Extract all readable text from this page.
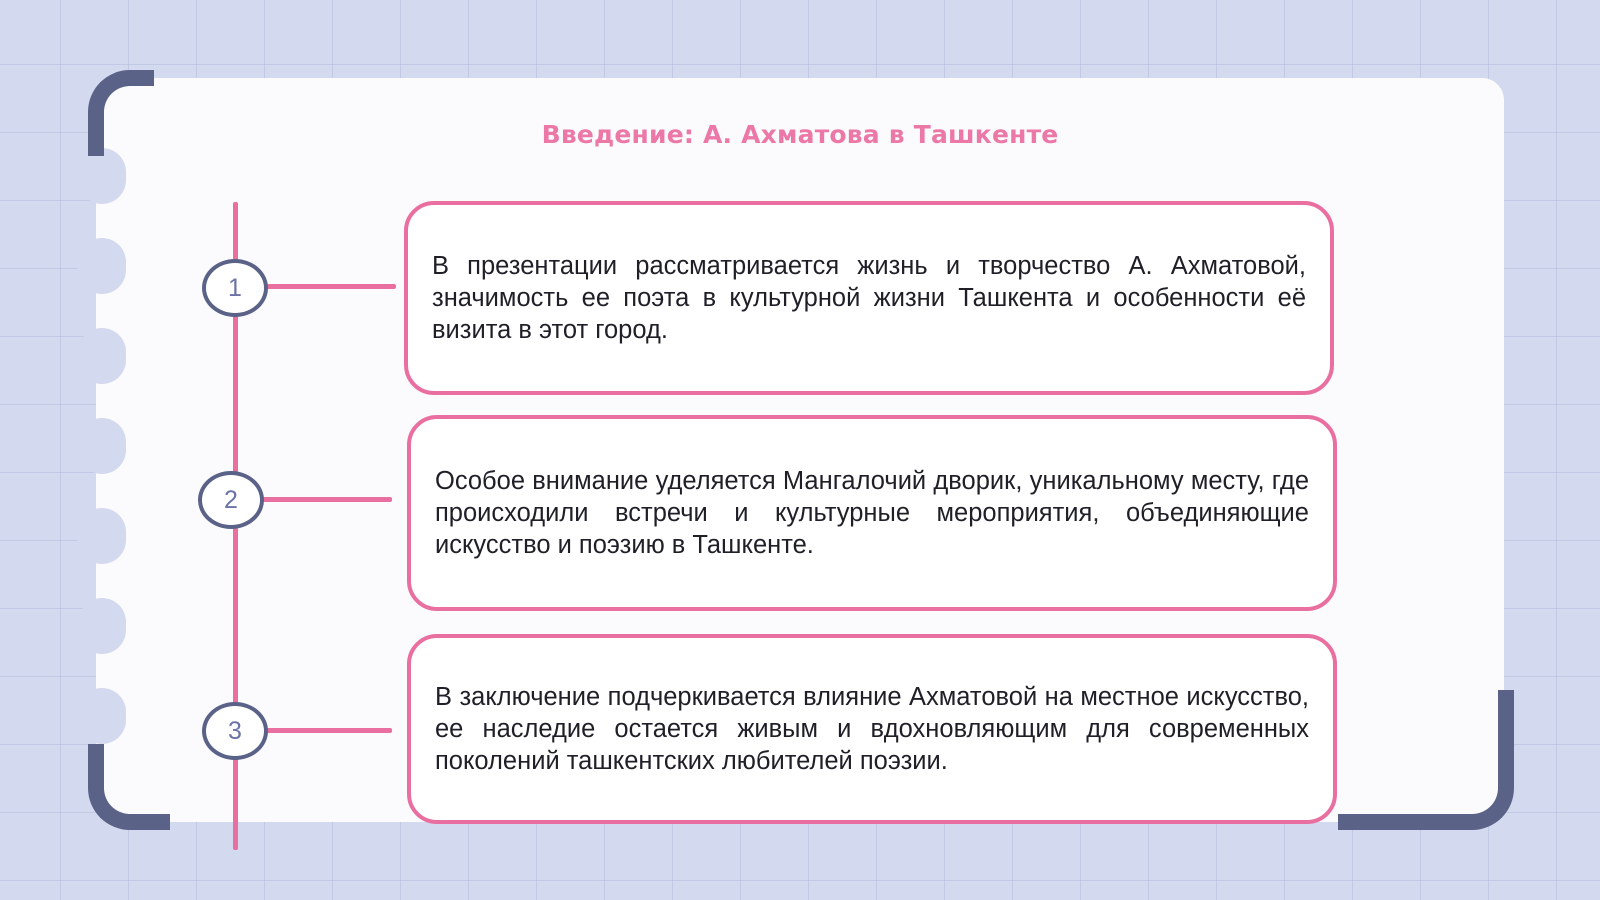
Введение: А. Ахматова в Ташкенте
1
2
3

В презентации рассматривается жизнь и творчество А. Ахматовой, значимость ее поэта в культурной жизни Ташкента и особенности её визита в этот город.

Особое внимание уделяется Мангалочий дворик, уникальному месту, где происходили встречи и культурные мероприятия, объединяющие искусство и поэзию в Ташкенте.

В заключение подчеркивается влияние Ахматовой на местное искусство, ее наследие остается живым и вдохновляющим для современных поколений ташкентских любителей поэзии.
